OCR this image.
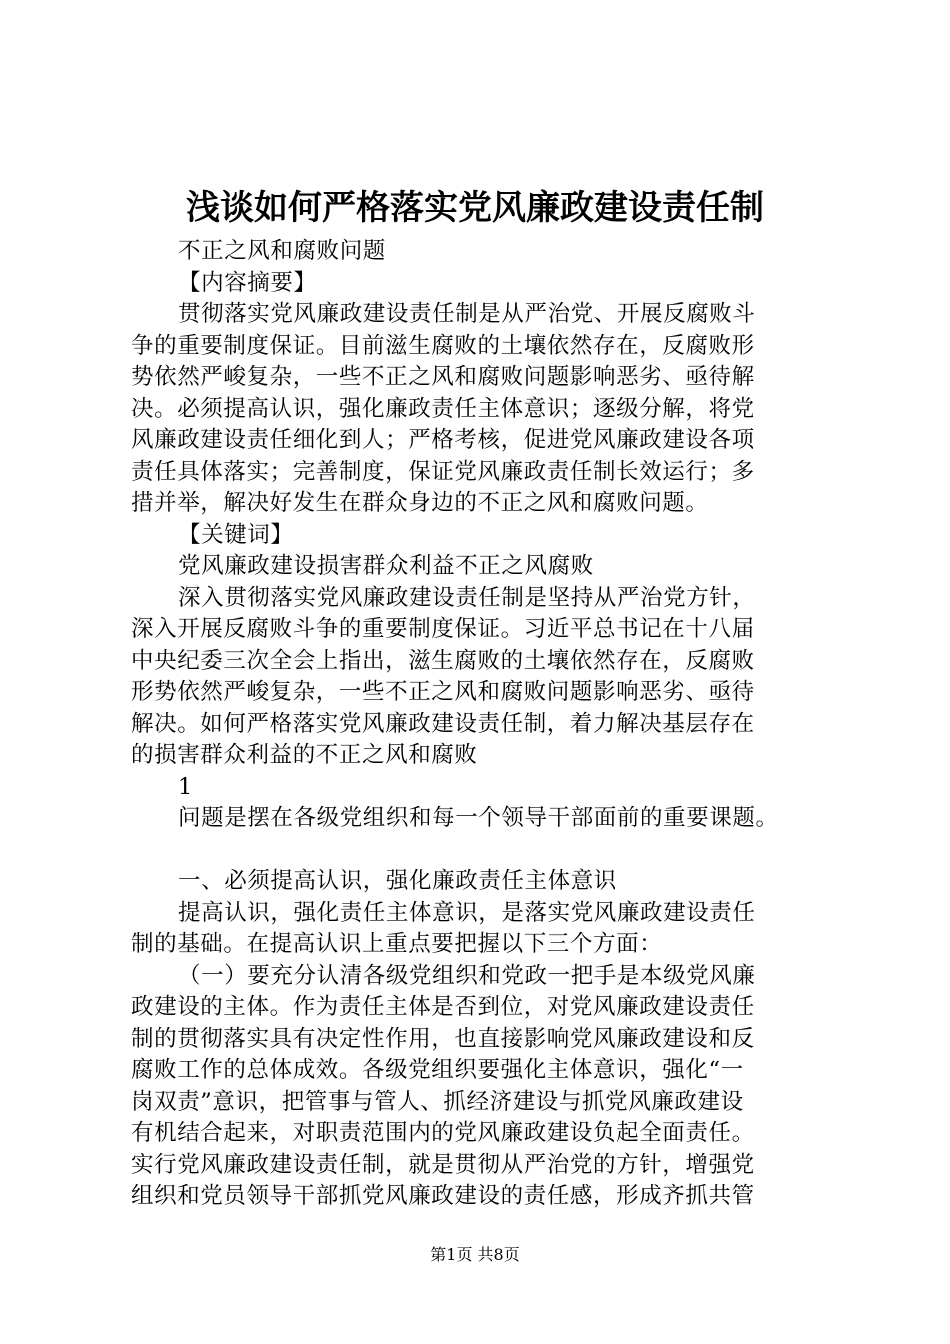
浅谈如何严格落实党风廉政建设责任制
不正之风和腐败问题
【内容摘要】
贯彻落实党风廉政建设责任制是从严治党、开展反腐败斗
争的重要制度保证。目前滋生腐败的土壤依然存在，反腐败形
势依然严峻复杂，一些不正之风和腐败问题影响恶劣、亟待解
决。必须提高认识，强化廉政责任主体意识；逐级分解，将党
风廉政建设责任细化到人；严格考核，促进党风廉政建设各项
责任具体落实；完善制度，保证党风廉政责任制长效运行；多
措并举，解决好发生在群众身边的不正之风和腐败问题。
【关键词】
党风廉政建设损害群众利益不正之风腐败
深入贯彻落实党风廉政建设责任制是坚持从严治党方针，
深入开展反腐败斗争的重要制度保证。习近平总书记在十八届
中央纪委三次全会上指出，滋生腐败的土壤依然存在，反腐败
形势依然严峻复杂，一些不正之风和腐败问题影响恶劣、亟待
解决。如何严格落实党风廉政建设责任制，着力解决基层存在
的损害群众利益的不正之风和腐败
1
问题是摆在各级党组织和每一个领导干部面前的重要课题。
一、必须提高认识，强化廉政责任主体意识
提高认识，强化责任主体意识，是落实党风廉政建设责任
制的基础。在提高认识上重点要把握以下三个方面：
（一）要充分认清各级党组织和党政一把手是本级党风廉
政建设的主体。作为责任主体是否到位，对党风廉政建设责任
制的贯彻落实具有决定性作用，也直接影响党风廉政建设和反
腐败工作的总体成效。各级党组织要强化主体意识，强化“一
岗双责”意识，把管事与管人、抓经济建设与抓党风廉政建设
有机结合起来，对职责范围内的党风廉政建设负起全面责任。
实行党风廉政建设责任制，就是贯彻从严治党的方针，增强党
组织和党员领导干部抓党风廉政建设的责任感，形成齐抓共管
第1页 共8页
